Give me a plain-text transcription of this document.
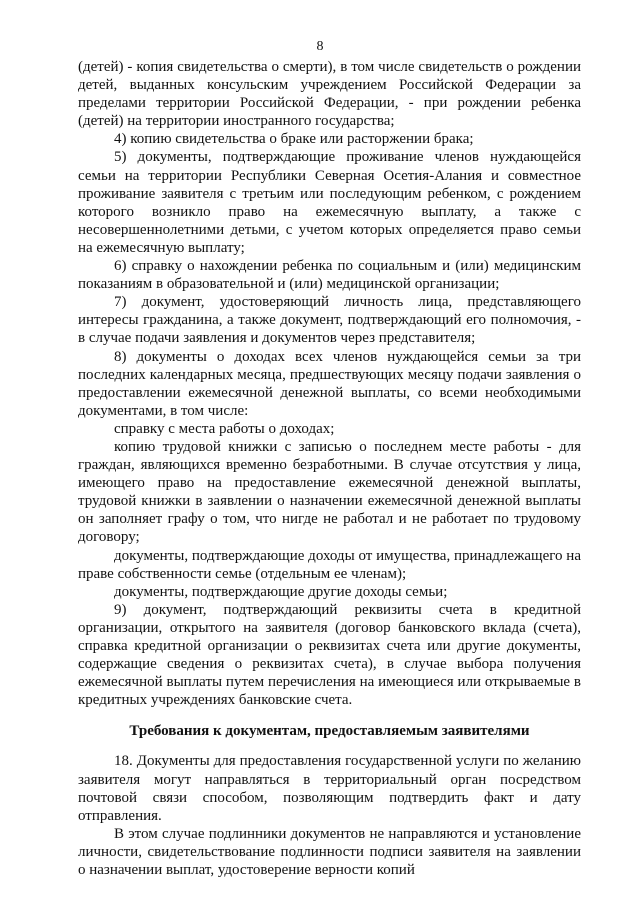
8

(детей) - копия свидетельства о смерти), в том числе свидетельств о рождении детей, выданных консульским учреждением Российской Федерации за пределами территории Российской Федерации, - при рождении ребенка (детей) на территории иностранного государства;

4) копию свидетельства о браке или расторжении брака;

5) документы, подтверждающие проживание членов нуждающейся семьи на территории Республики Северная Осетия-Алания и совместное проживание заявителя с третьим или последующим ребенком, с рождением которого возникло право на ежемесячную выплату, а также с несовершеннолетними детьми, с учетом которых определяется право семьи на ежемесячную выплату;

6) справку о нахождении ребенка по социальным и (или) медицинским показаниям в образовательной и (или) медицинской организации;

7) документ, удостоверяющий личность лица, представляющего интересы гражданина, а также документ, подтверждающий его полномочия, - в случае подачи заявления и документов через представителя;

8) документы о доходах всех членов нуждающейся семьи за три последних календарных месяца, предшествующих месяцу подачи заявления о предоставлении ежемесячной денежной выплаты, со всеми необходимыми документами, в том числе:

справку с места работы о доходах;

копию трудовой книжки с записью о последнем месте работы - для граждан, являющихся временно безработными. В случае отсутствия у лица, имеющего право на предоставление ежемесячной денежной выплаты, трудовой книжки в заявлении о назначении ежемесячной денежной выплаты он заполняет графу о том, что нигде не работал и не работает по трудовому договору;

документы, подтверждающие доходы от имущества, принадлежащего на праве собственности семье (отдельным ее членам);

документы, подтверждающие другие доходы семьи;

9) документ, подтверждающий реквизиты счета в кредитной организации, открытого на заявителя (договор банковского вклада (счета), справка кредитной организации о реквизитах счета или другие документы, содержащие сведения о реквизитах счета), в случае выбора получения ежемесячной выплаты путем перечисления на имеющиеся или открываемые в кредитных учреждениях банковские счета.

Требования к документам, предоставляемым заявителями

18. Документы для предоставления государственной услуги по желанию заявителя могут направляться в территориальный орган посредством почтовой связи способом, позволяющим подтвердить факт и дату отправления.

В этом случае подлинники документов не направляются и установление личности, свидетельствование подлинности подписи заявителя на заявлении о назначении выплат, удостоверение верности копий
